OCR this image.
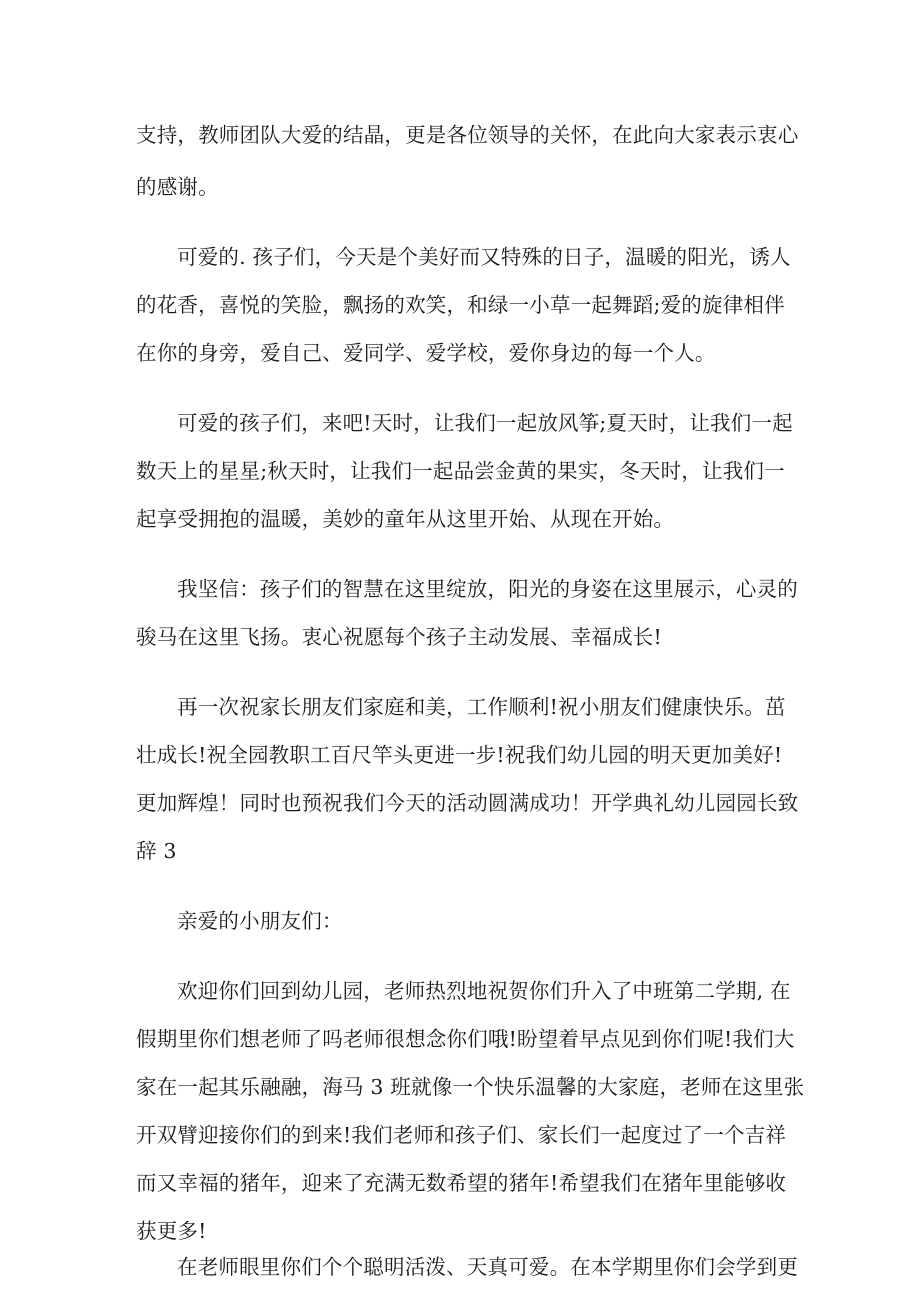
支持，教师团队大爱的结晶，更是各位领导的关怀，在此向大家表示衷心
的感谢。
可爱的. 孩子们，今天是个美好而又特殊的日子，温暖的阳光，诱人
的花香，喜悦的笑脸，飘扬的欢笑，和绿一小草一起舞蹈;爱的旋律相伴
在你的身旁，爱自己、爱同学、爱学校，爱你身边的每一个人。
可爱的孩子们，来吧!天时，让我们一起放风筝;夏天时，让我们一起
数天上的星星;秋天时，让我们一起品尝金黄的果实，冬天时，让我们一
起享受拥抱的温暖，美妙的童年从这里开始、从现在开始。
我坚信：孩子们的智慧在这里绽放，阳光的身姿在这里展示，心灵的
骏马在这里飞扬。衷心祝愿每个孩子主动发展、幸福成长!
再一次祝家长朋友们家庭和美，工作顺利!祝小朋友们健康快乐。茁
壮成长!祝全园教职工百尺竿头更进一步!祝我们幼儿园的明天更加美好!
更加辉煌！同时也预祝我们今天的活动圆满成功！开学典礼幼儿园园长致
辞 3
亲爱的小朋友们：
欢迎你们回到幼儿园，老师热烈地祝贺你们升入了中班第二学期, 在
假期里你们想老师了吗老师很想念你们哦!盼望着早点见到你们呢!我们大
家在一起其乐融融，海马 3 班就像一个快乐温馨的大家庭，老师在这里张
开双臂迎接你们的到来!我们老师和孩子们、家长们一起度过了一个吉祥
而又幸福的猪年，迎来了充满无数希望的猪年!希望我们在猪年里能够收
获更多!
在老师眼里你们个个聪明活泼、天真可爱。在本学期里你们会学到更
